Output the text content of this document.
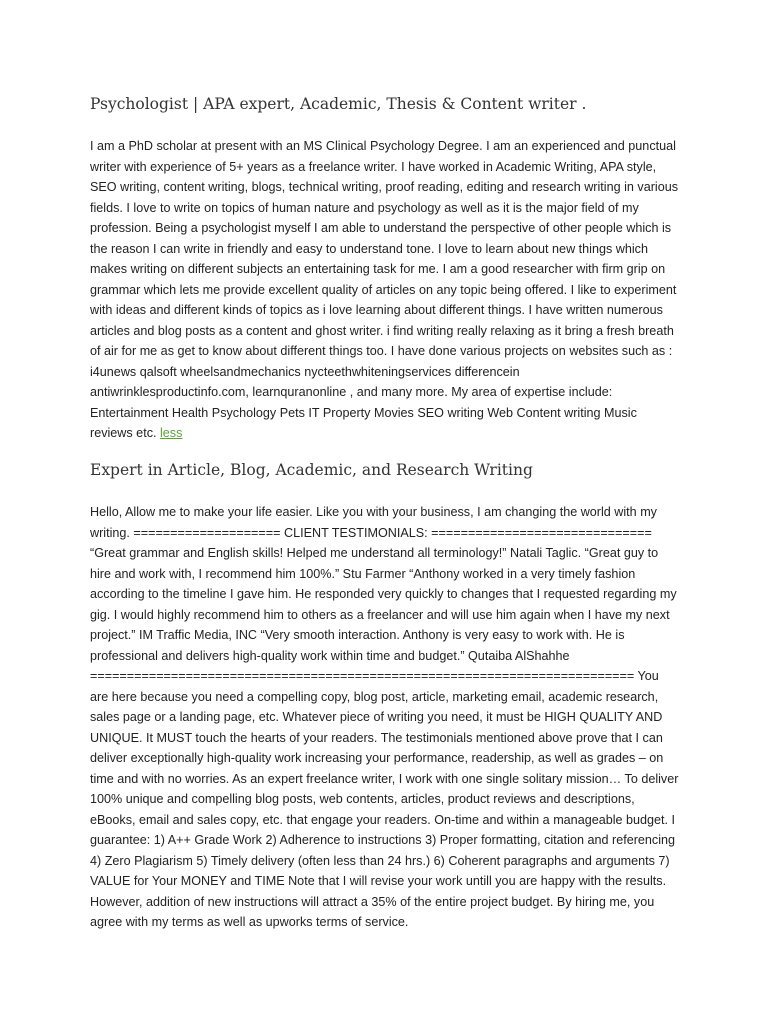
Psychologist | APA expert, Academic, Thesis & Content writer .

I am a PhD scholar at present with an MS Clinical Psychology Degree. I am an experienced and punctual writer with experience of 5+ years as a freelance writer. I have worked in Academic Writing, APA style, SEO writing, content writing, blogs, technical writing, proof reading, editing and research writing in various fields. I love to write on topics of human nature and psychology as well as it is the major field of my profession. Being a psychologist myself I am able to understand the perspective of other people which is the reason I can write in friendly and easy to understand tone. I love to learn about new things which makes writing on different subjects an entertaining task for me. I am a good researcher with firm grip on grammar which lets me provide excellent quality of articles on any topic being offered. I like to experiment with ideas and different kinds of topics as i love learning about different things. I have written numerous articles and blog posts as a content and ghost writer. i find writing really relaxing as it bring a fresh breath of air for me as get to know about different things too. I have done various projects on websites such as : i4unews qalsoft wheelsandmechanics nycteethwhiteningservices differencein antiwrinklesproductinfo.com, learnquranonline , and many more. My area of expertise include: Entertainment Health Psychology Pets IT Property Movies SEO writing Web Content writing Music reviews etc. less

Expert in Article, Blog, Academic, and Research Writing

Hello, Allow me to make your life easier. Like you with your business, I am changing the world with my writing. ==================== CLIENT TESTIMONIALS: ============================== “Great grammar and English skills! Helped me understand all terminology!” Natali Taglic. “Great guy to hire and work with, I recommend him 100%.” Stu Farmer “Anthony worked in a very timely fashion according to the timeline I gave him. He responded very quickly to changes that I requested regarding my gig. I would highly recommend him to others as a freelancer and will use him again when I have my next project.” IM Traffic Media, INC “Very smooth interaction. Anthony is very easy to work with. He is professional and delivers high-quality work within time and budget.” Qutaiba AlShahhe ========================================================================== You are here because you need a compelling copy, blog post, article, marketing email, academic research, sales page or a landing page, etc. Whatever piece of writing you need, it must be HIGH QUALITY AND UNIQUE. It MUST touch the hearts of your readers. The testimonials mentioned above prove that I can deliver exceptionally high-quality work increasing your performance, readership, as well as grades – on time and with no worries. As an expert freelance writer, I work with one single solitary mission… To deliver 100% unique and compelling blog posts, web contents, articles, product reviews and descriptions, eBooks, email and sales copy, etc. that engage your readers. On-time and within a manageable budget. I guarantee: 1) A++ Grade Work 2) Adherence to instructions 3) Proper formatting, citation and referencing 4) Zero Plagiarism 5) Timely delivery (often less than 24 hrs.) 6) Coherent paragraphs and arguments 7) VALUE for Your MONEY and TIME Note that I will revise your work untill you are happy with the results. However, addition of new instructions will attract a 35% of the entire project budget. By hiring me, you agree with my terms as well as upworks terms of service.
